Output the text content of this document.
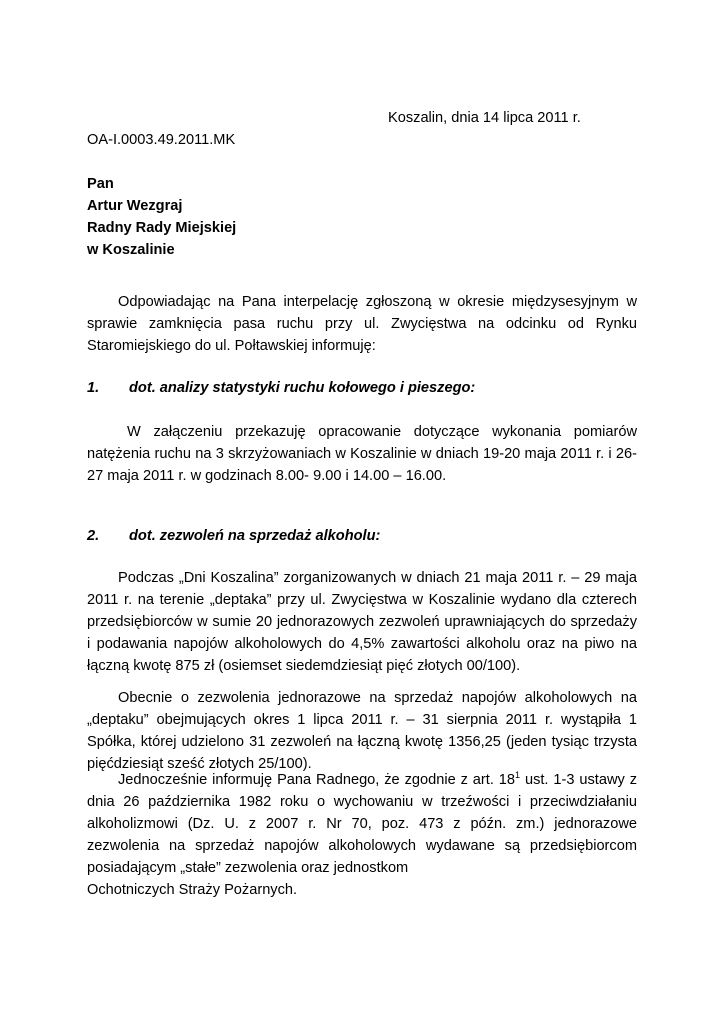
Koszalin, dnia 14 lipca 2011 r.
OA-I.0003.49.2011.MK
Pan
Artur Wezgraj
Radny Rady Miejskiej
w Koszalinie
Odpowiadając na Pana interpelację zgłoszoną w okresie międzysesyjnym w sprawie zamknięcia pasa ruchu przy ul. Zwycięstwa na odcinku od Rynku Staromiejskiego do ul. Połtawskiej informuję:
1. dot. analizy statystyki ruchu kołowego i pieszego:
W załączeniu przekazuję opracowanie dotyczące wykonania pomiarów natężenia ruchu na 3 skrzyżowaniach w Koszalinie w dniach 19-20 maja 2011 r. i 26-27 maja 2011 r. w godzinach 8.00- 9.00 i 14.00 – 16.00.
2. dot. zezwoleń na sprzedaż alkoholu:
Podczas „Dni Koszalina” zorganizowanych w dniach 21 maja 2011 r. – 29 maja 2011 r. na terenie „deptaka” przy ul. Zwycięstwa w Koszalinie wydano dla czterech przedsiębiorców w sumie 20 jednorazowych zezwoleń uprawniających do sprzedaży i podawania napojów alkoholowych do 4,5% zawartości alkoholu oraz na piwo na łączną kwotę 875 zł (osiemset siedemdziesiąt pięć złotych 00/100).
Obecnie o zezwolenia jednorazowe na sprzedaż napojów alkoholowych na „deptaku” obejmujących okres 1 lipca 2011 r. – 31 sierpnia 2011 r. wystąpiła 1 Spółka, której udzielono 31 zezwoleń na łączną kwotę 1356,25 (jeden tysiąc trzysta pięćdziesiąt sześć złotych 25/100).
Jednocześnie informuję Pana Radnego, że zgodnie z art. $18^1$ ust. 1-3 ustawy z dnia 26 października 1982 roku o wychowaniu w trzeźwości i przeciwdziałaniu alkoholizmowi (Dz. U. z 2007 r. Nr 70, poz. 473 z późn. zm.) jednorazowe zezwolenia na sprzedaż napojów alkoholowych wydawane są przedsiębiorcom posiadającym „stałe” zezwolenia oraz jednostkom
Ochotniczych Straży Pożarnych.
